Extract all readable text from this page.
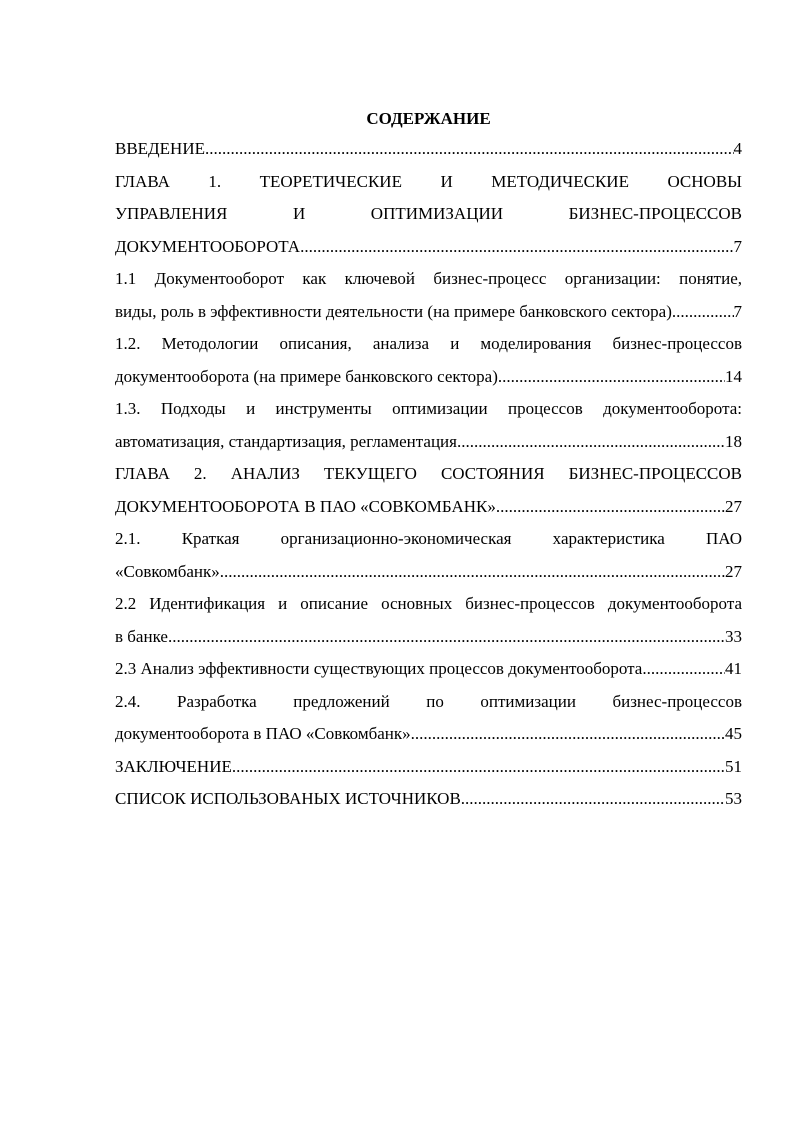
СОДЕРЖАНИЕ
ВВЕДЕНИЕ .....	4
ГЛАВА 1. ТЕОРЕТИЧЕСКИЕ И МЕТОДИЧЕСКИЕ ОСНОВЫ
УПРАВЛЕНИЯ И ОПТИМИЗАЦИИ БИЗНЕС-ПРОЦЕССОВ
ДОКУМЕНТООБОРОТА .....	7
1.1 Документооборот как ключевой бизнес-процесс организации: понятие,
виды, роль в эффективности деятельности (на примере банковского сектора) .....	7
1.2. Методологии описания, анализа и моделирования бизнес-процессов
документооборота (на примере банковского сектора) .....	14
1.3. Подходы и инструменты оптимизации процессов документооборота:
автоматизация, стандартизация, регламентация .....	18
ГЛАВА 2. АНАЛИЗ ТЕКУЩЕГО СОСТОЯНИЯ БИЗНЕС-ПРОЦЕССОВ
ДОКУМЕНТООБОРОТА В ПАО «СОВКОМБАНК» .....	27
2.1. Краткая организационно-экономическая характеристика ПАО
«Совкомбанк» .....	27
2.2 Идентификация и описание основных бизнес-процессов документооборота
в банке .....	33
2.3 Анализ эффективности существующих процессов документооборота .....	41
2.4. Разработка предложений по оптимизации бизнес-процессов
документооборота в ПАО «Совкомбанк» .....	45
ЗАКЛЮЧЕНИЕ .....	51
СПИСОК ИСПОЛЬЗОВАНЫХ ИСТОЧНИКОВ .....	53
